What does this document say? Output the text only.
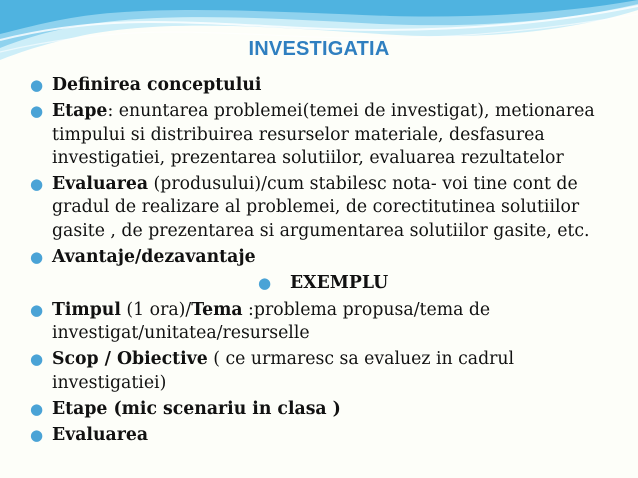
INVESTIGATIA
● Definirea conceptului
● Etape: enuntarea problemei(temei de investigat), metionarea timpului si distribuirea resurselor materiale, desfasurea investigatiei, prezentarea solutiilor, evaluarea rezultatelor
● Evaluarea (produsului)/cum stabilesc nota- voi tine cont de gradul de realizare al problemei, de corectitutinea solutiilor gasite , de prezentarea si argumentarea solutiilor gasite, etc.
● Avantaje/dezavantaje
● EXEMPLU
● Timpul (1 ora)/Tema :problema propusa/tema de investigat/unitatea/resurselle
● Scop / Obiective ( ce urmaresc sa evaluez in cadrul investigatiei)
● Etape (mic scenariu in clasa )
● Evaluarea
